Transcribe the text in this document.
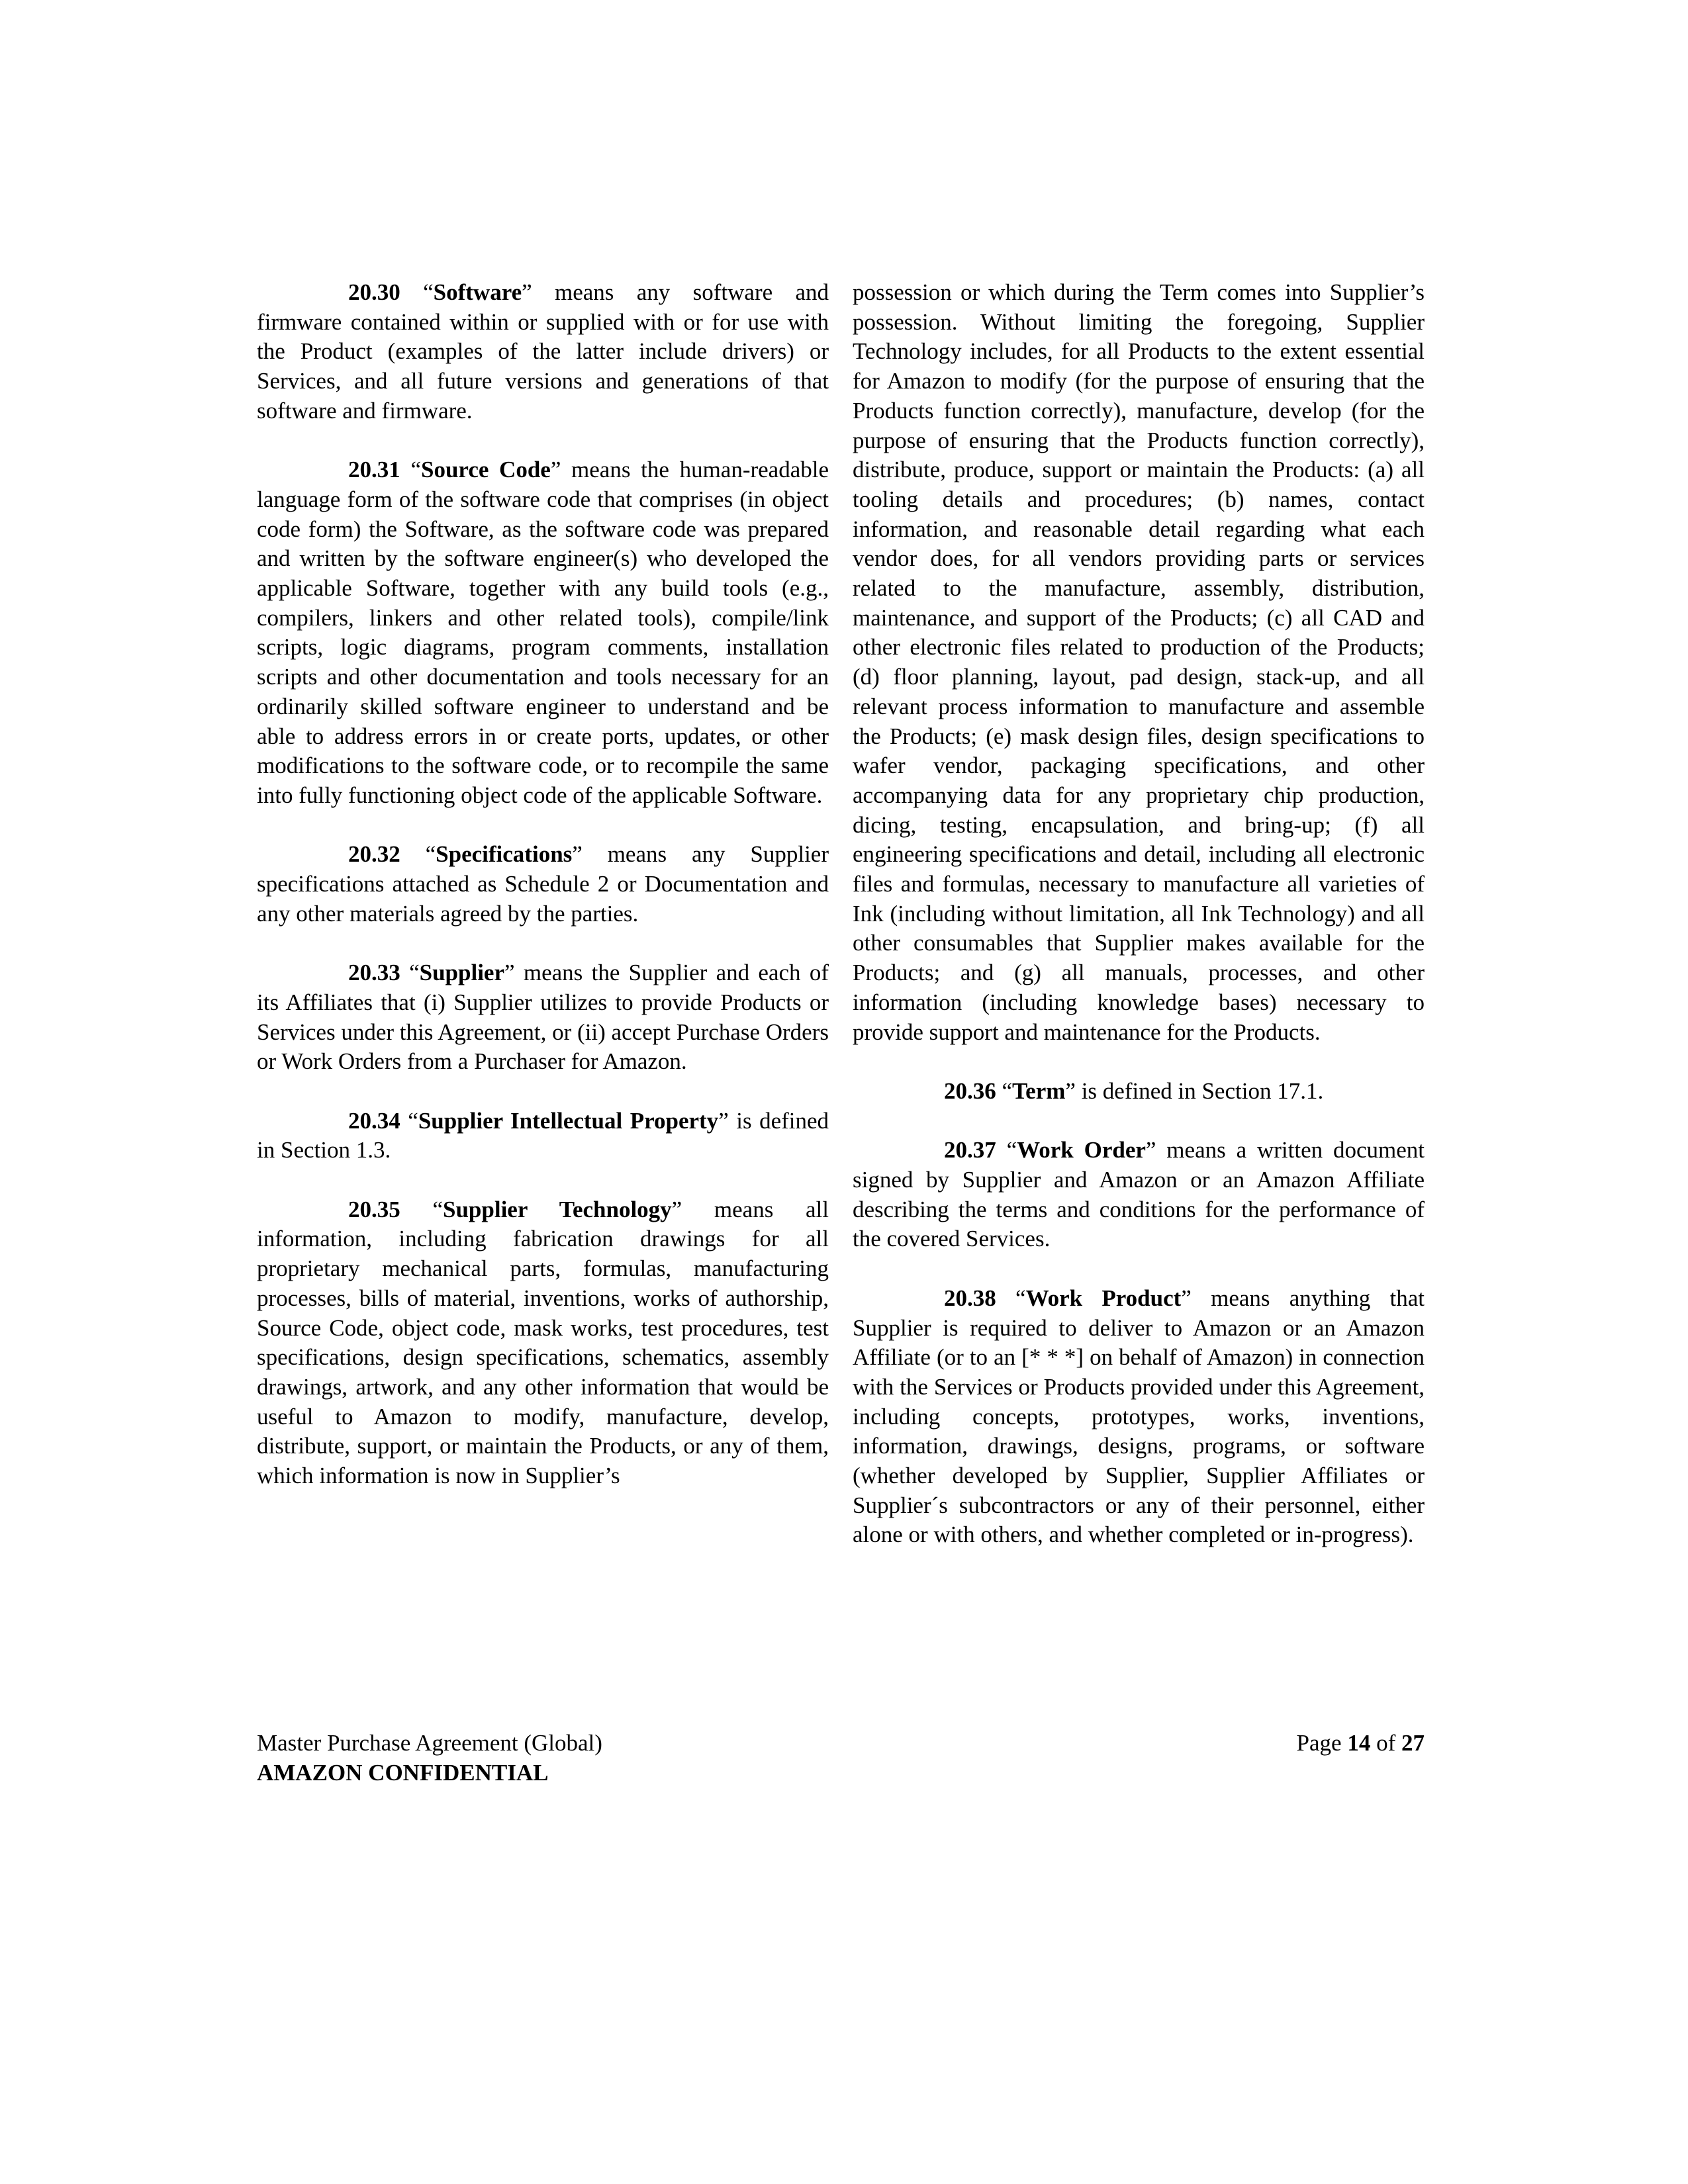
20.30 “Software” means any software and firmware contained within or supplied with or for use with the Product (examples of the latter include drivers) or Services, and all future versions and generations of that software and firmware.

20.31 “Source Code” means the human-readable language form of the software code that comprises (in object code form) the Software, as the software code was prepared and written by the software engineer(s) who developed the applicable Software, together with any build tools (e.g., compilers, linkers and other related tools), compile/link scripts, logic diagrams, program comments, installation scripts and other documentation and tools necessary for an ordinarily skilled software engineer to understand and be able to address errors in or create ports, updates, or other modifications to the software code, or to recompile the same into fully functioning object code of the applicable Software.

20.32 “Specifications” means any Supplier specifications attached as Schedule 2 or Documentation and any other materials agreed by the parties.

20.33 “Supplier” means the Supplier and each of its Affiliates that (i) Supplier utilizes to provide Products or Services under this Agreement, or (ii) accept Purchase Orders or Work Orders from a Purchaser for Amazon.

20.34 “Supplier Intellectual Property” is defined in Section 1.3.

20.35 “Supplier Technology” means all information, including fabrication drawings for all proprietary mechanical parts, formulas, manufacturing processes, bills of material, inventions, works of authorship, Source Code, object code, mask works, test procedures, test specifications, design specifications, schematics, assembly drawings, artwork, and any other information that would be useful to Amazon to modify, manufacture, develop, distribute, support, or maintain the Products, or any of them, which information is now in Supplier’s

possession or which during the Term comes into Supplier’s possession. Without limiting the foregoing, Supplier Technology includes, for all Products to the extent essential for Amazon to modify (for the purpose of ensuring that the Products function correctly), manufacture, develop (for the purpose of ensuring that the Products function correctly), distribute, produce, support or maintain the Products: (a) all tooling details and procedures; (b) names, contact information, and reasonable detail regarding what each vendor does, for all vendors providing parts or services related to the manufacture, assembly, distribution, maintenance, and support of the Products; (c) all CAD and other electronic files related to production of the Products; (d) floor planning, layout, pad design, stack-up, and all relevant process information to manufacture and assemble the Products; (e) mask design files, design specifications to wafer vendor, packaging specifications, and other accompanying data for any proprietary chip production, dicing, testing, encapsulation, and bring-up; (f) all engineering specifications and detail, including all electronic files and formulas, necessary to manufacture all varieties of Ink (including without limitation, all Ink Technology) and all other consumables that Supplier makes available for the Products; and (g) all manuals, processes, and other information (including knowledge bases) necessary to provide support and maintenance for the Products.

20.36 “Term” is defined in Section 17.1.

20.37 “Work Order” means a written document signed by Supplier and Amazon or an Amazon Affiliate describing the terms and conditions for the performance of the covered Services.

20.38 “Work Product” means anything that Supplier is required to deliver to Amazon or an Amazon Affiliate (or to an [* * *] on behalf of Amazon) in connection with the Services or Products provided under this Agreement, including concepts, prototypes, works, inventions, information, drawings, designs, programs, or software (whether developed by Supplier, Supplier Affiliates or Supplier´s subcontractors or any of their personnel, either alone or with others, and whether completed or in-progress).

Master Purchase Agreement (Global)	Page 14 of 27
AMAZON CONFIDENTIAL
